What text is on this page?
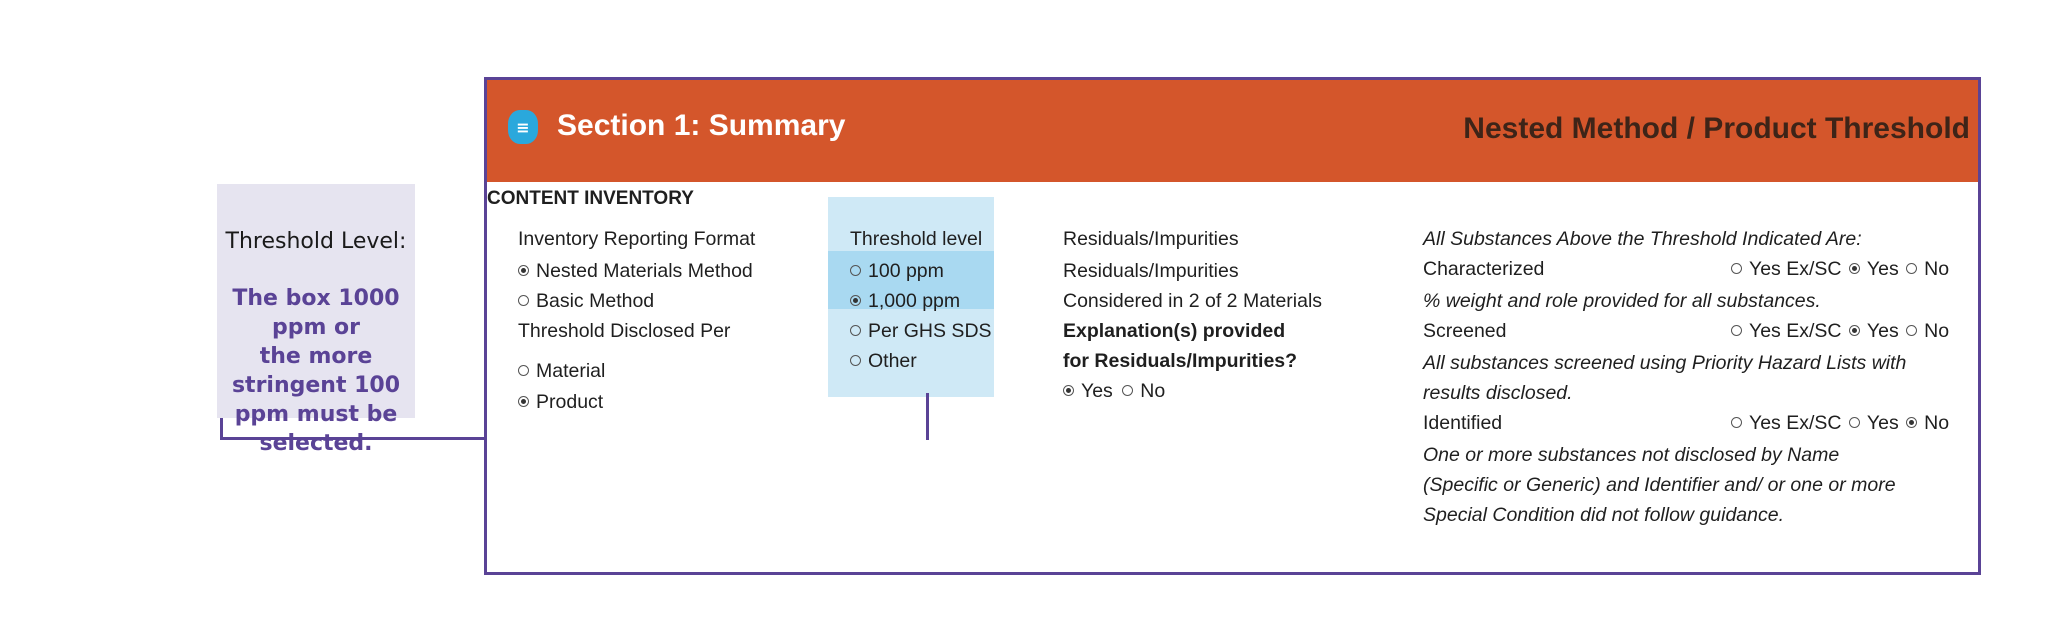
Threshold Level:
The box 1000 ppm or
the more stringent 100
ppm must be selected.
≡ Section 1: Summary	Nested Method / Product Threshold
CONTENT INVENTORY
Inventory Reporting Format
Nested Materials Method
Basic Method
Threshold Disclosed Per
Material
Product
Threshold level
100 ppm
1,000 ppm
Per GHS SDS
Other
Residuals/Impurities
Residuals/Impurities
Considered in 2 of 2 Materials
Explanation(s) provided
for Residuals/Impurities?
Yes No
All Substances Above the Threshold Indicated Are:
Characterized	Yes Ex/SC Yes No
% weight and role provided for all substances.
Screened	Yes Ex/SC Yes No
All substances screened using Priority Hazard Lists with
results disclosed.
Identified	Yes Ex/SC Yes No
One or more substances not disclosed by Name
(Specific or Generic) and Identifier and/ or one or more
Special Condition did not follow guidance.
